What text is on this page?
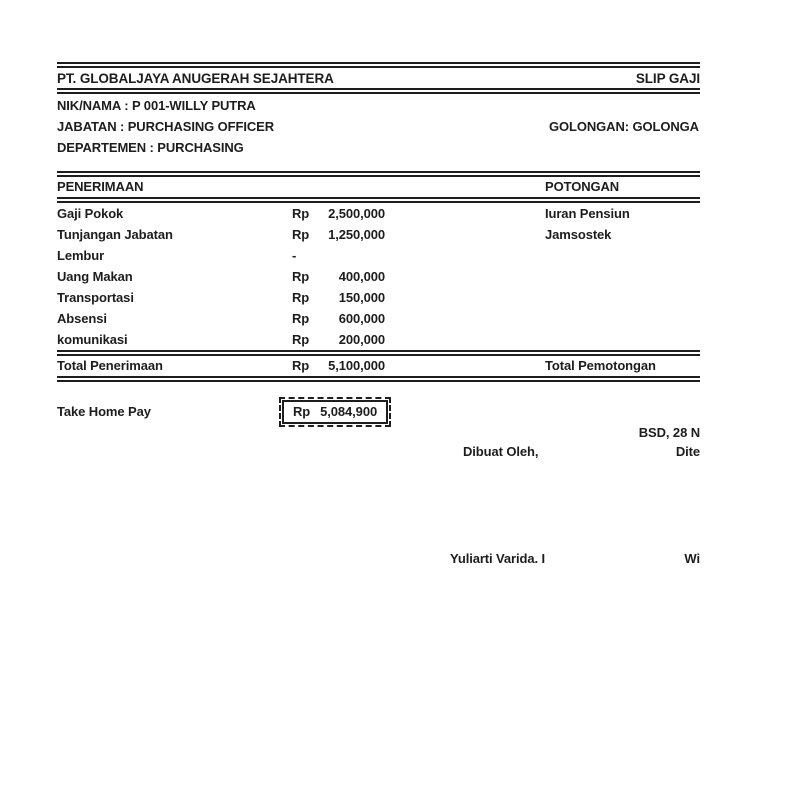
PT. GLOBALJAYA ANUGERAH SEJAHTERA	SLIP GAJI
NIK/NAMA : P 001-WILLY PUTRA
JABATAN : PURCHASING OFFICER	GOLONGAN: GOLONGA
DEPARTEMEN : PURCHASING
PENERIMAAN	POTONGAN
Gaji Pokok	Rp	2,500,000	Iuran Pensiun
Tunjangan Jabatan	Rp	1,250,000	Jamsostek
Lembur	-
Uang Makan	Rp	400,000
Transportasi	Rp	150,000
Absensi	Rp	600,000
komunikasi	Rp	200,000
Total Penerimaan	Rp	5,100,000	Total Pemotongan
Take Home Pay	Rp 5,084,900
BSD, 28 N
Dibuat Oleh,	Dite
Yuliarti Varida. I	Wi
